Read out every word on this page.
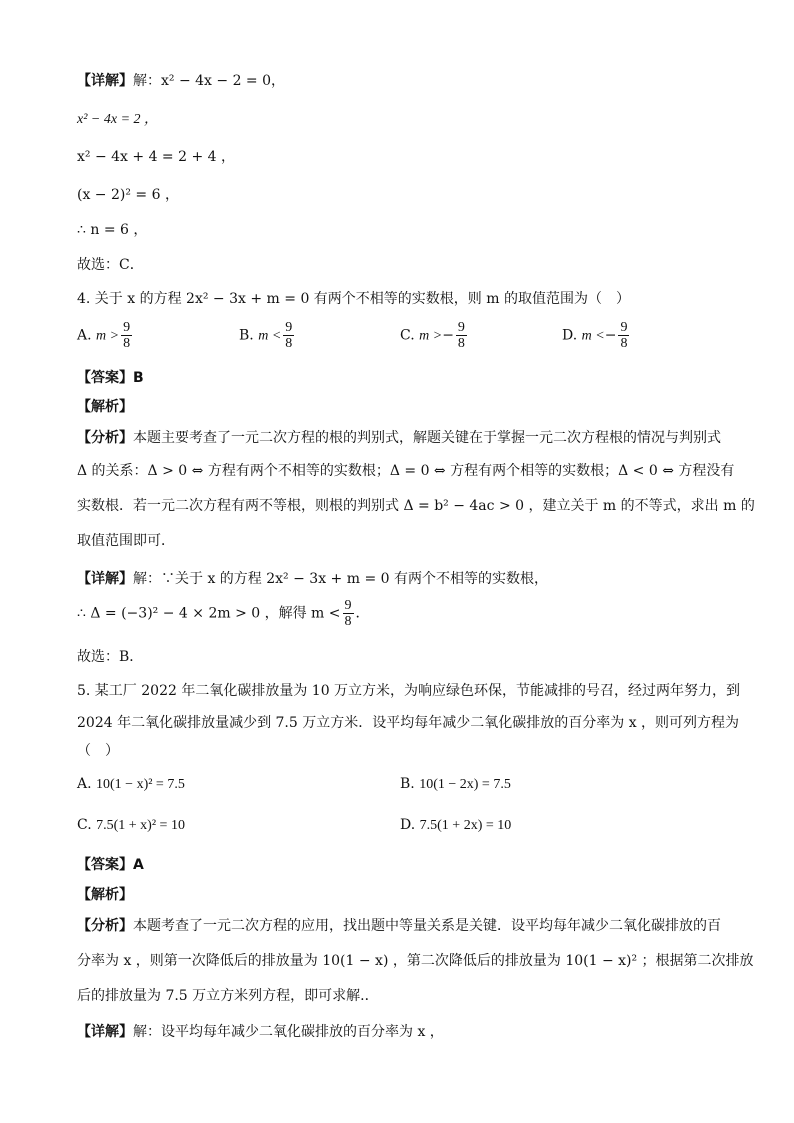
【详解】解：x² − 4x − 2 = 0，
x² − 4x = 2 ，
x² − 4x + 4 = 2 + 4 ，
(x − 2)² = 6 ，
∴ n = 6 ，
故选：C．
4. 关于 x 的方程 2x² − 3x + m = 0 有两个不相等的实数根，则 m 的取值范围为（　）
A. $m > \frac{9}{8}$	B. $m < \frac{9}{8}$	C. $m >- \frac{9}{8}$	D. $m <- \frac{9}{8}$
【答案】B
【解析】
【分析】本题主要考查了一元二次方程的根的判别式，解题关键在于掌握一元二次方程根的情况与判别式
Δ 的关系：Δ > 0 ⇔ 方程有两个不相等的实数根；Δ = 0 ⇔ 方程有两个相等的实数根；Δ < 0 ⇔ 方程没有
实数根．若一元二次方程有两不等根，则根的判别式 Δ = b² − 4ac > 0 ，建立关于 m 的不等式，求出 m 的
取值范围即可．
【详解】解：∵关于 x 的方程 2x² − 3x + m = 0 有两个不相等的实数根，
∴ Δ = (−3)² − 4 × 2m > 0 ，解得 $m < \frac{9}{8}$ ．
故选：B．
5. 某工厂 2022 年二氧化碳排放量为 10 万立方米，为响应绿色环保，节能减排的号召，经过两年努力，到
2024 年二氧化碳排放量减少到 7.5 万立方米．设平均每年减少二氧化碳排放的百分率为 x ，则可列方程为
（　）
A. 10(1 − x)² = 7.5	B. 10(1 − 2x) = 7.5
C. 7.5(1 + x)² = 10	D. 7.5(1 + 2x) = 10
【答案】A
【解析】
【分析】本题考查了一元二次方程的应用，找出题中等量关系是关键．设平均每年减少二氧化碳排放的百
分率为 x ，则第一次降低后的排放量为 10(1 − x) ，第二次降低后的排放量为 10(1 − x)² ；根据第二次排放
后的排放量为 7.5 万立方米列方程，即可求解.．
【详解】解：设平均每年减少二氧化碳排放的百分率为 x ，
